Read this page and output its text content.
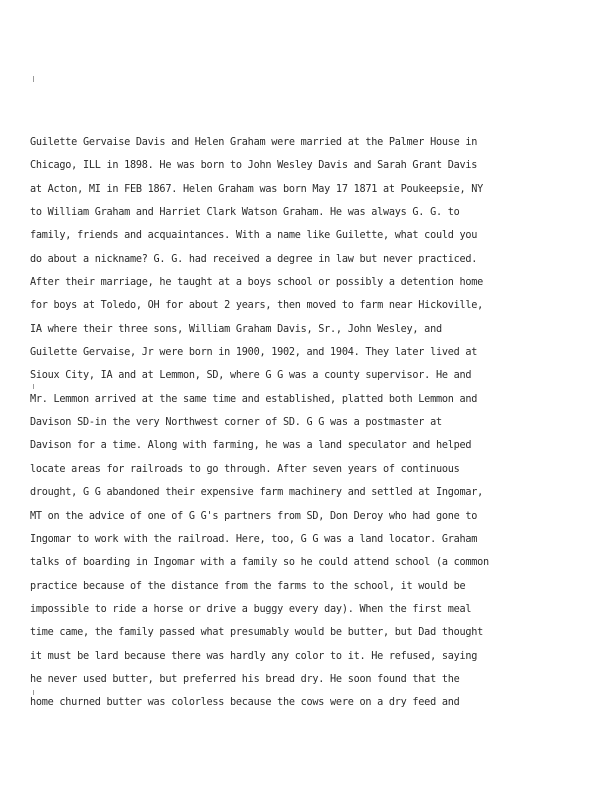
Guilette Gervaise Davis and Helen Graham were married at the Palmer House in
Chicago, ILL in 1898. He was born to John Wesley Davis and Sarah Grant Davis
at Acton, MI in FEB 1867. Helen Graham was born May 17 1871 at Poukeepsie, NY
to William Graham and Harriet Clark Watson Graham. He was always G. G. to
family, friends and acquaintances. With a name like Guilette, what could you
do about a nickname? G. G. had received a degree in law but never practiced.
After their marriage, he taught at a boys school or possibly a detention home
for boys at Toledo, OH for about 2 years, then moved to farm near Hickoville,
IA where their three sons, William Graham Davis, Sr., John Wesley, and
Guilette Gervaise, Jr were born in 1900, 1902, and 1904. They later lived at
Sioux City, IA and at Lemmon, SD, where G G was a county supervisor. He and
Mr. Lemmon arrived at the same time and established, platted both Lemmon and
Davison SD-in the very Northwest corner of SD. G G was a postmaster at
Davison for a time. Along with farming, he was a land speculator and helped
locate areas for railroads to go through. After seven years of continuous
drought, G G abandoned their expensive farm machinery and settled at Ingomar,
MT on the advice of one of G G's partners from SD, Don Deroy who had gone to
Ingomar to work with the railroad. Here, too, G G was a land locator. Graham
talks of boarding in Ingomar with a family so he could attend school (a common
practice because of the distance from the farms to the school, it would be
impossible to ride a horse or drive a buggy every day). When the first meal
time came, the family passed what presumably would be butter, but Dad thought
it must be lard because there was hardly any color to it. He refused, saying
he never used butter, but preferred his bread dry. He soon found that the
home churned butter was colorless because the cows were on a dry feed and
